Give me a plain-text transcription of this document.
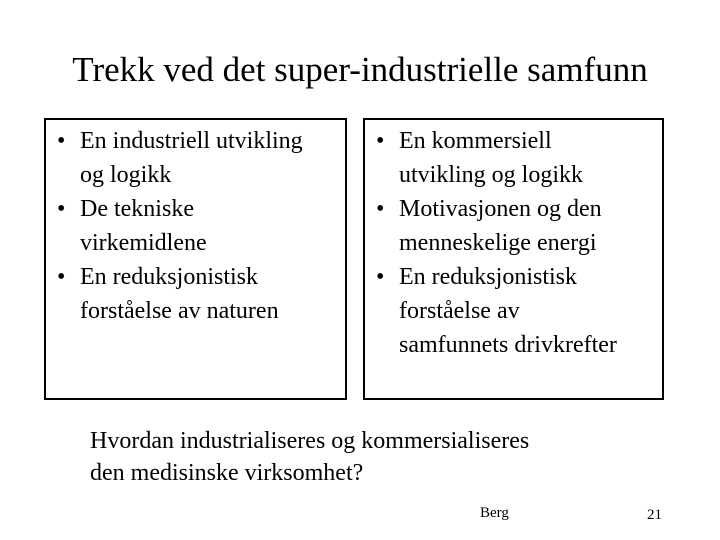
Trekk ved det super-industrielle samfunn
• En industriell utvikling
og logikk
• De tekniske
virkemidlene
• En reduksjonistisk
forståelse av naturen
• En kommersiell
utvikling og logikk
• Motivasjonen og den
menneskelige energi
• En reduksjonistisk
forståelse av
samfunnets drivkrefter
Hvordan industrialiseres og kommersialiseres
den medisinske virksomhet?
Berg	21
